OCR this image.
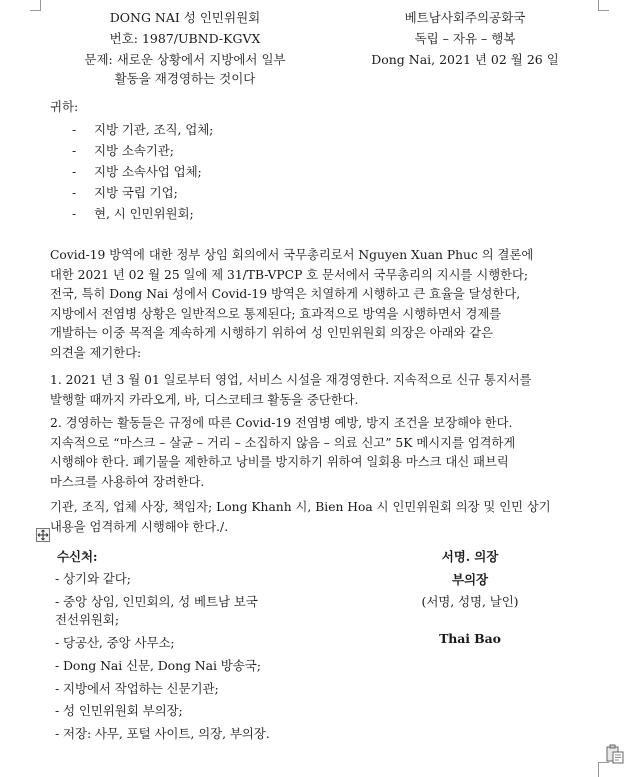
DONG NAI 성 인민위원회
번호: 1987/UBND-KGVX
문제: 새로운 상황에서 지방에서 일부
활동을 재경영하는 것이다
베트남사회주의공화국
독립 – 자유 – 행복
Dong Nai, 2021 년 02 월 26 일
귀하:
- 지방 기관, 조직, 업체;
- 지방 소속기관;
- 지방 소속사업 업체;
- 지방 국립 기업;
- 현, 시 인민위원회;
Covid-19 방역에 대한 정부 상임 회의에서 국무총리로서 Nguyen Xuan Phuc 의 결론에
대한 2021 년 02 월 25 일에 제 31/TB-VPCP 호 문서에서 국무총리의 지시를 시행한다;
전국, 특히 Dong Nai 성에서 Covid-19 방역은 치열하게 시행하고 큰 효율을 달성한다,
지방에서 전염병 상황은 일반적으로 통제된다; 효과적으로 방역을 시행하면서 경제를
개발하는 이중 목적을 계속하게 시행하기 위하여 성 인민위원회 의장은 아래와 같은
의견을 제기한다:
1. 2021 년 3 월 01 일로부터 영업, 서비스 시설을 재경영한다. 지속적으로 신규 통지서를
발행할 때까지 카라오게, 바, 디스코테크 활동을 중단한다.
2. 경영하는 활동들은 규정에 따른 Covid-19 전염병 예방, 방지 조건을 보장해야 한다.
지속적으로 “마스크 – 살균 – 거리 – 소집하지 않음 – 의료 신고” 5K 메시지를 엄격하게
시행해야 한다. 폐기물을 제한하고 낭비를 방지하기 위하여 일회용 마스크 대신 패브릭
마스크를 사용하여 장려한다.
기관, 조직, 업체 사장, 책임자; Long Khanh 시, Bien Hoa 시 인민위원회 의장 및 인민 상기
내용을 엄격하게 시행해야 한다./.
수신처:
- 상기와 같다;
- 중앙 상임, 인민회의, 성 베트남 보국
전선위원회;
- 당공산, 중앙 사무소;
- Dong Nai 신문, Dong Nai 방송국;
- 지방에서 작업하는 신문기관;
- 성 인민위원회 부의장;
- 저장: 사무, 포털 사이트, 의장, 부의장.
서명. 의장
부의장
(서명, 성명, 날인)
Thai Bao
